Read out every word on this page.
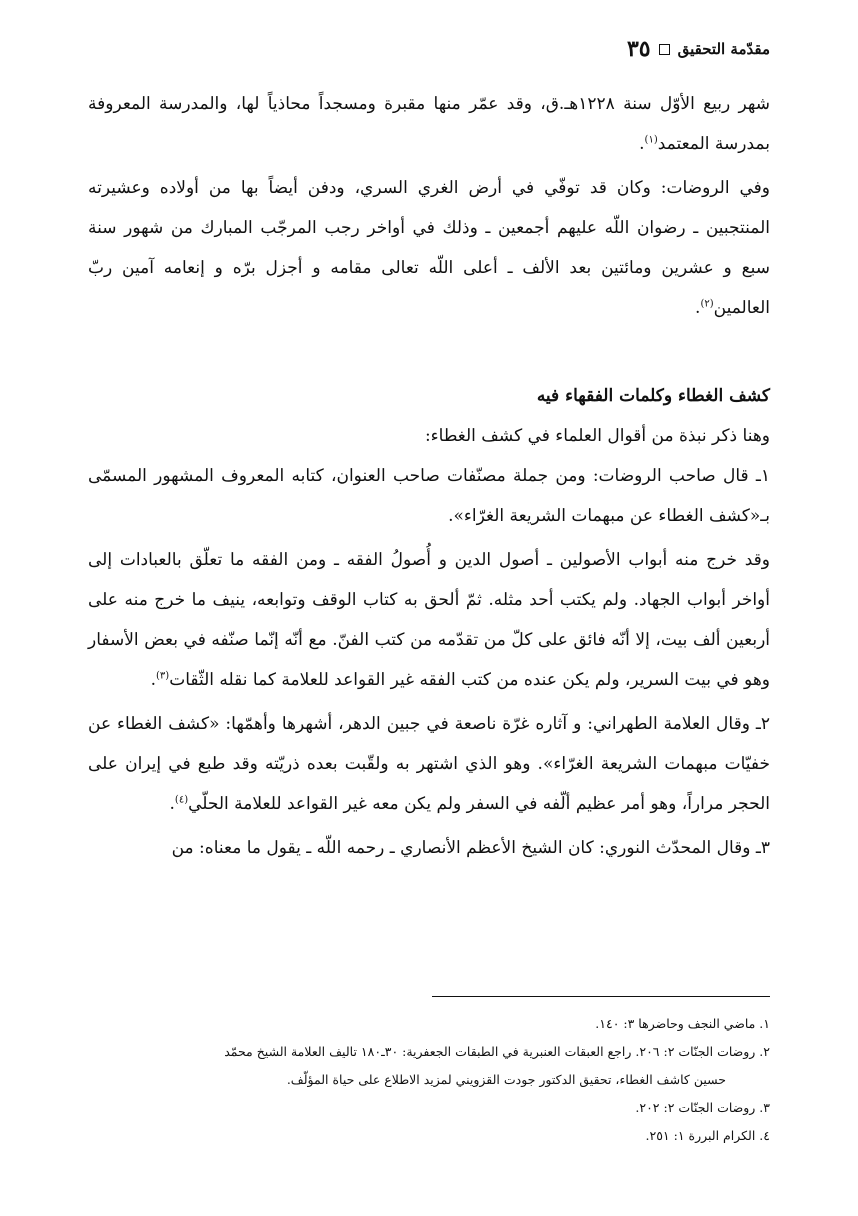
مقدّمة التحقيق
٣٥

شهر ربيع الأوّل سنة ١٢٢٨هـ.ق، وقد عمّر منها مقبرة ومسجداً محاذياً لها، والمدرسة المعروفة بمدرسة المعتمد$^{(١)}$.

وفي الروضات: وكان قد توفّي في أرض الغري السري، ودفن أيضاً بها من أولاده وعشيرته المنتجبين ـ رضوان اللّه عليهم أجمعين ـ وذلك في أواخر رجب المرجّب المبارك من شهور سنة سبع و عشرين ومائتين بعد الألف ـ أعلى اللّه تعالى مقامه و أجزل برّه و إنعامه آمين ربّ العالمين$^{(٢)}$.

كشف الغطاء وكلمات الفقهاء فيه

وهنا ذكر نبذة من أقوال العلماء في كشف الغطاء:

١ـ قال صاحب الروضات: ومن جملة مصنّفات صاحب العنوان، كتابه المعروف المشهور المسمّى بـ«كشف الغطاء عن مبهمات الشريعة الغرّاء».

وقد خرج منه أبواب الأصولين ـ أصول الدين و أُصولُ الفقه ـ ومن الفقه ما تعلّق بالعبادات إلى أواخر أبواب الجهاد. ولم يكتب أحد مثله. ثمّ ألحق به كتاب الوقف وتوابعه، ينيف ما خرج منه على أربعين ألف بيت، إلا أنّه فائق على كلّ من تقدّمه من كتب الفنّ. مع أنّه إنّما صنّفه في بعض الأسفار وهو في بيت السرير، ولم يكن عنده من كتب الفقه غير القواعد للعلامة كما نقله الثّقات$^{(٣)}$.

٢ـ وقال العلامة الطهراني: و آثاره غرّة ناصعة في جبين الدهر، أشهرها وأهمّها: «كشف الغطاء عن خفيّات مبهمات الشريعة الغرّاء». وهو الذي اشتهر به ولقّبت بعده ذريّته وقد طبع في إيران على الحجر مراراً، وهو أمر عظيم ألّفه في السفر ولم يكن معه غير القواعد للعلامة الحلّي$^{(٤)}$.

٣ـ وقال المحدّث النوري: كان الشيخ الأعظم الأنصاري ـ رحمه اللّه ـ يقول ما معناه: من

١. ماضي النجف وحاضرها ٣: ١٤٠.

٢. روضات الجنّات ٢: ٢٠٦. راجع العبقات العنبرية في الطبقات الجعفرية: ٣٠ـ١٨٠ تاليف العلامة الشيخ محمّد

حسين كاشف الغطاء، تحقيق الدكتور جودت القزويني لمزيد الاطلاع على حياة المؤلّف.

٣. روضات الجنّات ٢: ٢٠٢.

٤. الكرام البررة ١: ٢٥١.
